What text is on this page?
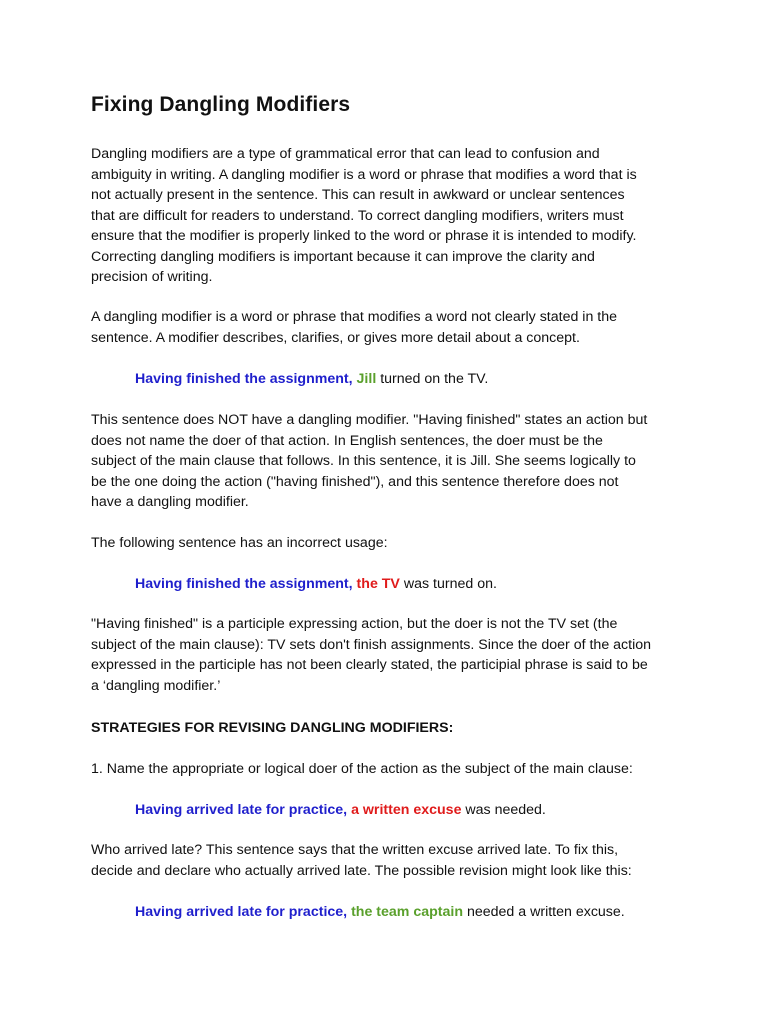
Fixing Dangling Modifiers

Dangling modifiers are a type of grammatical error that can lead to confusion and ambiguity in writing. A dangling modifier is a word or phrase that modifies a word that is not actually present in the sentence. This can result in awkward or unclear sentences that are difficult for readers to understand. To correct dangling modifiers, writers must ensure that the modifier is properly linked to the word or phrase it is intended to modify. Correcting dangling modifiers is important because it can improve the clarity and precision of writing.

A dangling modifier is a word or phrase that modifies a word not clearly stated in the sentence. A modifier describes, clarifies, or gives more detail about a concept.

Having finished the assignment, Jill turned on the TV.

This sentence does NOT have a dangling modifier. "Having finished" states an action but does not name the doer of that action. In English sentences, the doer must be the subject of the main clause that follows. In this sentence, it is Jill. She seems logically to be the one doing the action ("having finished"), and this sentence therefore does not have a dangling modifier.

The following sentence has an incorrect usage:

Having finished the assignment, the TV was turned on.

"Having finished" is a participle expressing action, but the doer is not the TV set (the subject of the main clause): TV sets don't finish assignments. Since the doer of the action expressed in the participle has not been clearly stated, the participial phrase is said to be a ‘dangling modifier.’

STRATEGIES FOR REVISING DANGLING MODIFIERS:

1. Name the appropriate or logical doer of the action as the subject of the main clause:

Having arrived late for practice, a written excuse was needed.

Who arrived late? This sentence says that the written excuse arrived late. To fix this, decide and declare who actually arrived late. The possible revision might look like this:

Having arrived late for practice, the team captain needed a written excuse.
